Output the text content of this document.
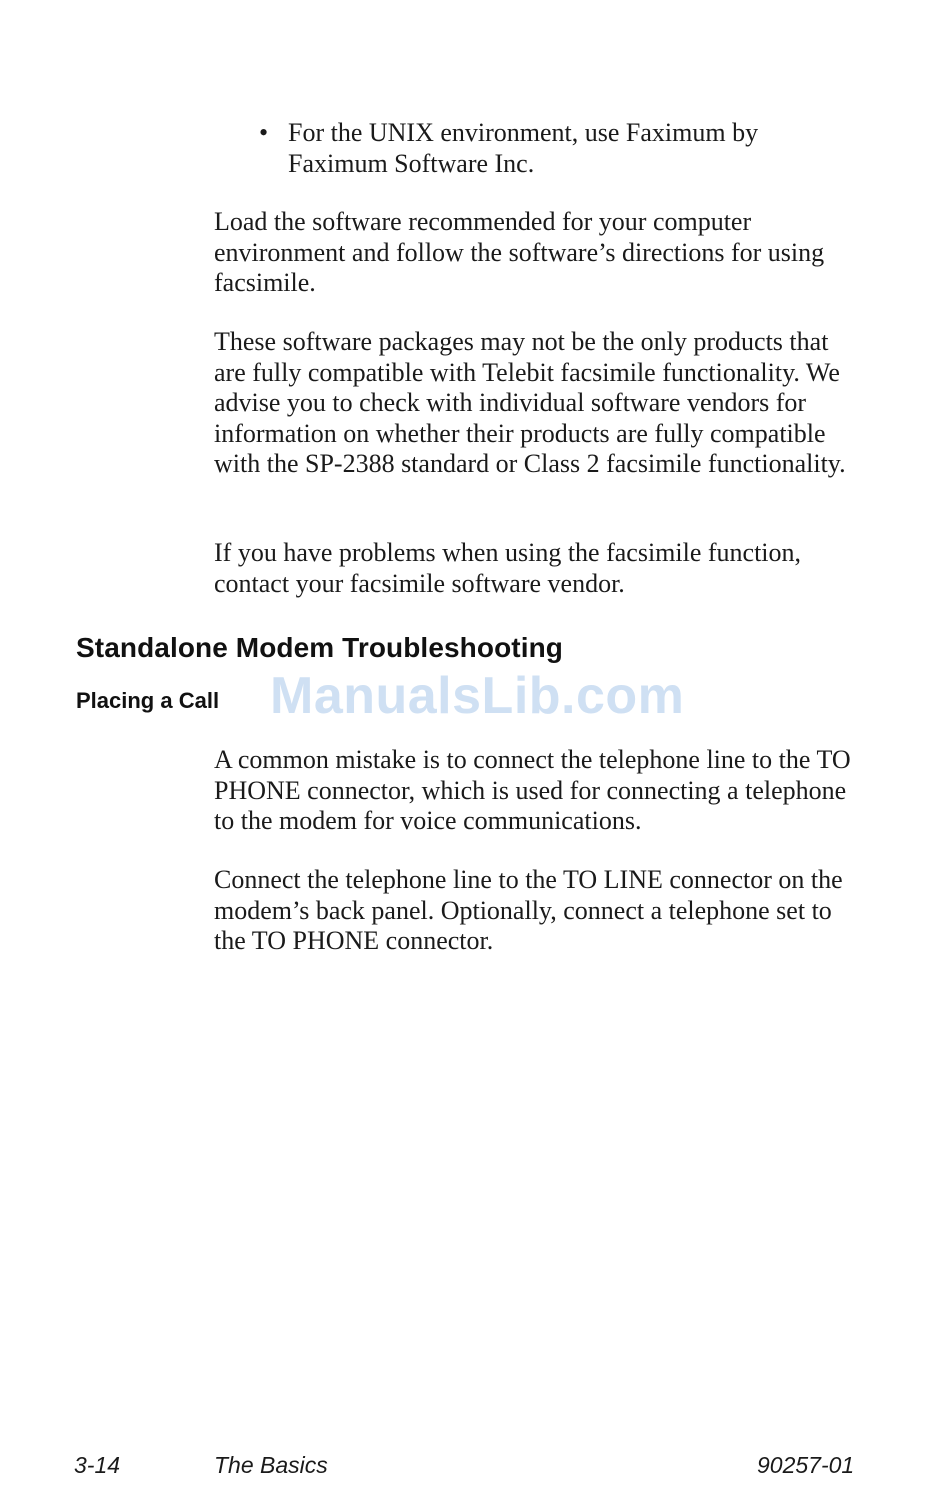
• For the UNIX environment, use Faximum by Faximum Software Inc.

Load the software recommended for your computer environment and follow the software’s directions for using facsimile.

These software packages may not be the only products that are fully compatible with Telebit facsimile functionality. We advise you to check with individual software vendors for information on whether their products are fully compatible with the SP-2388 standard or Class 2 facsimile functionality.

If you have problems when using the facsimile function, contact your facsimile software vendor.

Standalone Modem Troubleshooting
Placing a Call ManualsLib.com

A common mistake is to connect the telephone line to the TO PHONE connector, which is used for connecting a telephone to the modem for voice communications.

Connect the telephone line to the TO LINE connector on the modem’s back panel. Optionally, connect a telephone set to the TO PHONE connector.

3-14	The Basics	90257-01
